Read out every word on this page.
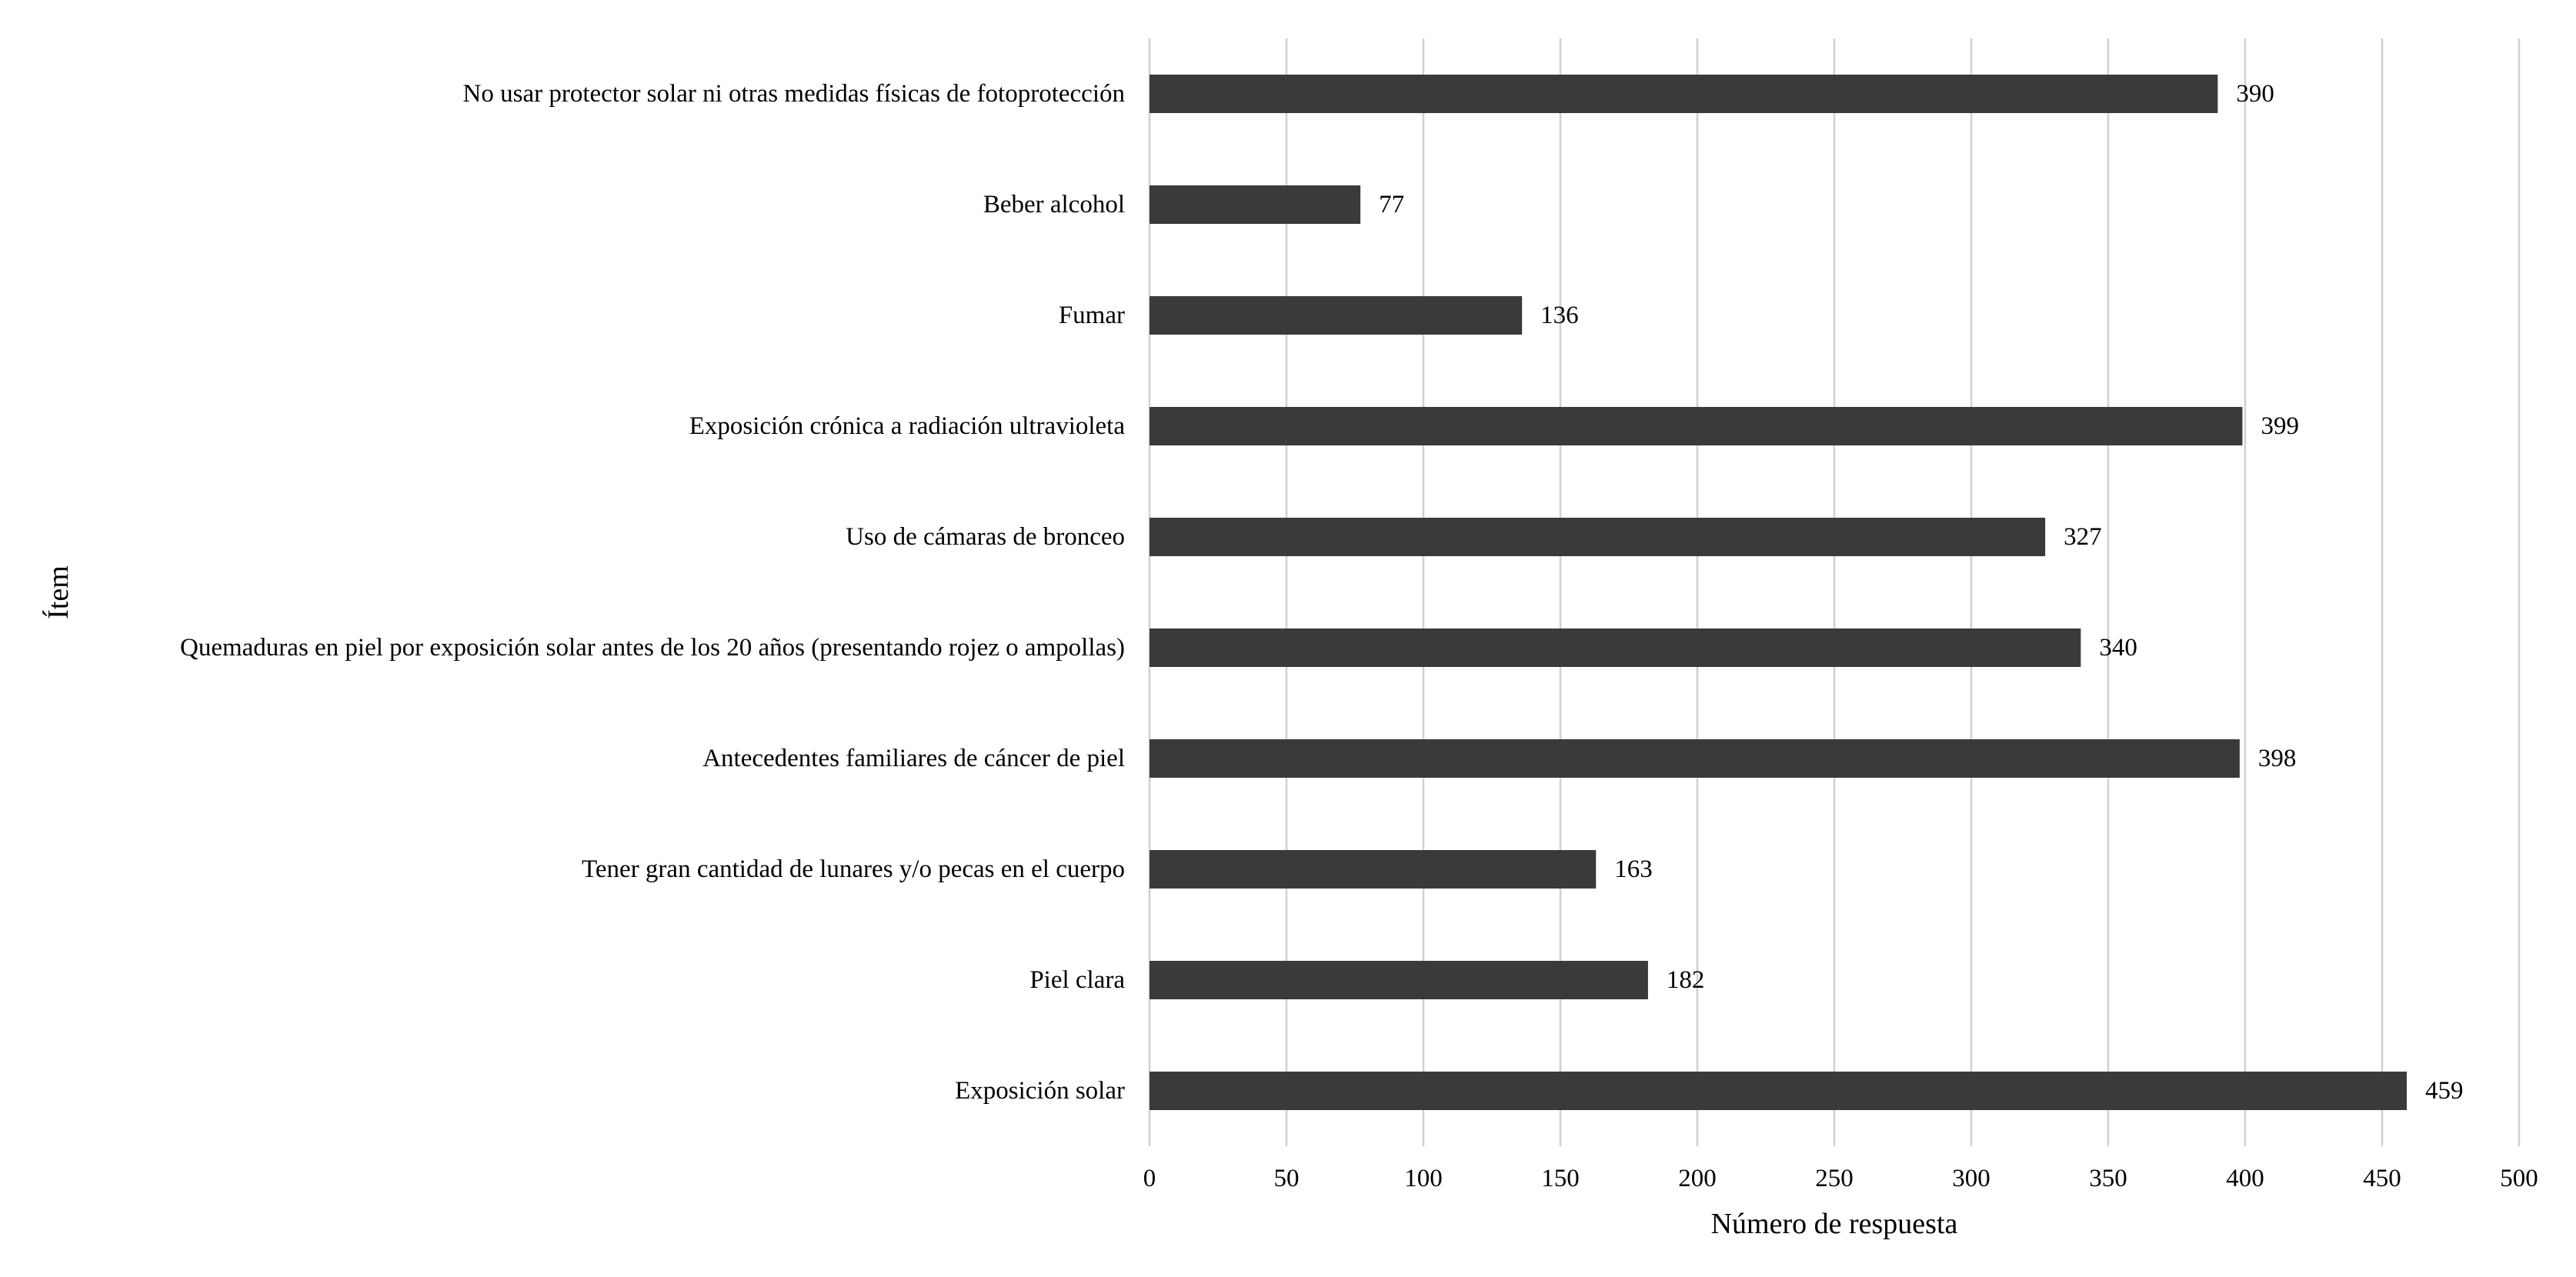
No usar protector solar ni otras medidas físicas de fotoprotección
Beber alcohol
Fumar
Exposición crónica a radiación ultravioleta
Uso de cámaras de bronceo
Quemaduras en piel por exposición solar antes de los 20 años (presentando rojez o ampollas)
Antecedentes familiares de cáncer de piel
Tener gran cantidad de lunares y/o pecas en el cuerpo
Piel clara
Exposición solar
390
77
136
399
327
340
398
163
182
459
0	50	100	150	200	250	300	350	400	450	500
Número de respuesta
Ítem
